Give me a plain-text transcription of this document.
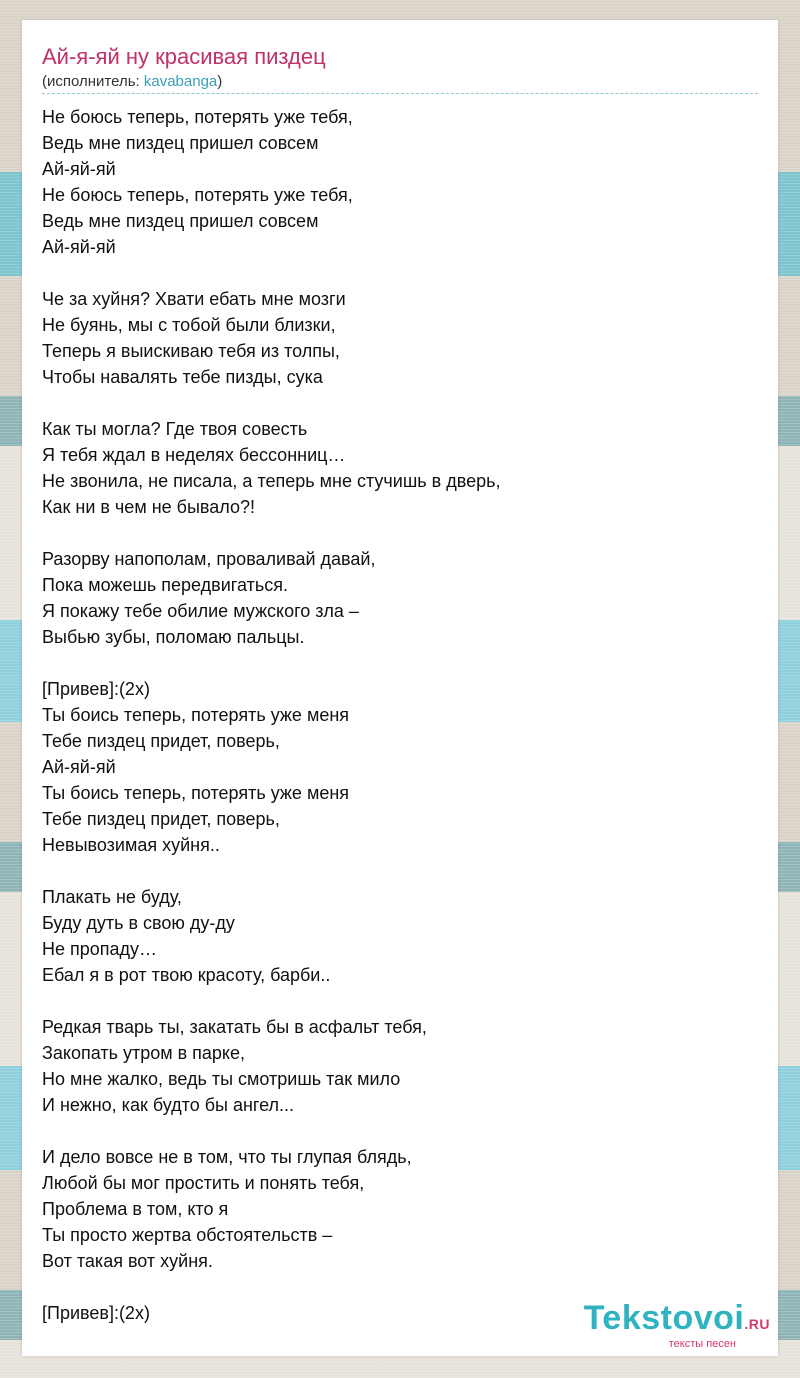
Ай-я-яй ну красивая пиздец
(исполнитель: kavabanga)
Не боюсь теперь, потерять уже тебя,
Ведь мне пиздец пришел совсем
Ай-яй-яй
Не боюсь теперь, потерять уже тебя,
Ведь мне пиздец пришел совсем
Ай-яй-яй

Че за хуйня? Хвати ебать мне мозги
Не буянь, мы с тобой были близки,
Теперь я выискиваю тебя из толпы,
Чтобы навалять тебе пизды, сука

Как ты могла? Где твоя совесть
Я тебя ждал в неделях бессонниц…
Не звонила, не писала, а теперь мне стучишь в дверь,
Как ни в чем не бывало?!

Разорву напополам, проваливай давай,
Пока можешь передвигаться.
Я покажу тебе обилие мужского зла –
Выбью зубы, поломаю пальцы.

[Привев]:(2x)
Ты боись теперь, потерять уже меня
Тебе пиздец придет, поверь,
Ай-яй-яй
Ты боись теперь, потерять уже меня
Тебе пиздец придет, поверь,
Невывозимая хуйня..

Плакать не буду,
Буду дуть в свою ду-ду
Не пропаду…
Ебал я в рот твою красоту, барби..

Редкая тварь ты, закатать бы в асфальт тебя,
Закопать утром в парке,
Но мне жалко, ведь ты смотришь так мило
И нежно, как будто бы ангел...

И дело вовсе не в том, что ты глупая блядь,
Любой бы мог простить и понять тебя,
Проблема в том, кто я
Ты просто жертва обстоятельств –
Вот такая вот хуйня.

[Привев]:(2x)	Tekstovoi.RU
тексты песен
